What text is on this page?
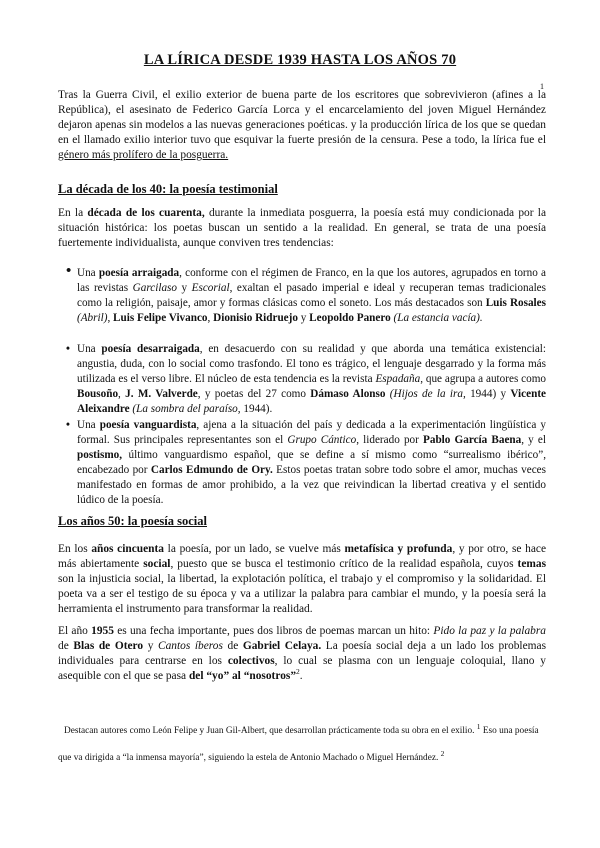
LA LÍRICA DESDE 1939 HASTA LOS AÑOS 70
Tras la Guerra Civil, el exilio exterior de buena parte de los escritores que sobrevivieron (afines a la República), el asesinato de Federico García Lorca y el encarcelamiento del joven Miguel Hernández dejaron apenas sin modelos a las nuevas generaciones poéticas. y la producción lírica de los que se quedan en el llamado exilio interior tuvo que esquivar la fuerte presión de la censura. Pese a todo, la lírica fue el género más prolífero de la posguerra.
1
La década de los 40: la poesía testimonial
En la década de los cuarenta, durante la inmediata posguerra, la poesía está muy condicionada por la situación histórica: los poetas buscan un sentido a la realidad. En general, se trata de una poesía fuertemente individualista, aunque conviven tres tendencias:
• Una poesía arraigada, conforme con el régimen de Franco, en la que los autores, agrupados en torno a las revistas Garcilaso y Escorial, exaltan el pasado imperial e ideal y recuperan temas tradicionales como la religión, paisaje, amor y formas clásicas como el soneto. Los más destacados son Luis Rosales (Abril), Luis Felipe Vivanco, Dionisio Ridruejo y Leopoldo Panero (La estancia vacía).
• Una poesía desarraigada, en desacuerdo con su realidad y que aborda una temática existencial: angustia, duda, con lo social como trasfondo. El tono es trágico, el lenguaje desgarrado y la forma más utilizada es el verso libre. El núcleo de esta tendencia es la revista Espadaña, que agrupa a autores como Bousoño, J. M. Valverde, y poetas del 27 como Dámaso Alonso (Hijos de la ira, 1944) y Vicente Aleixandre (La sombra del paraíso, 1944).
• Una poesía vanguardista, ajena a la situación del país y dedicada a la experimentación lingüística y formal. Sus principales representantes son el Grupo Cántico, liderado por Pablo García Baena, y el postismo, último vanguardismo español, que se define a sí mismo como “surrealismo ibérico”, encabezado por Carlos Edmundo de Ory. Estos poetas tratan sobre todo sobre el amor, muchas veces manifestado en formas de amor prohibido, a la vez que reivindican la libertad creativa y el sentido lúdico de la poesía.
Los años 50: la poesía social
En los años cincuenta la poesía, por un lado, se vuelve más metafísica y profunda, y por otro, se hace más abiertamente social, puesto que se busca el testimonio crítico de la realidad española, cuyos temas son la injusticia social, la libertad, la explotación política, el trabajo y el compromiso y la solidaridad. El poeta va a ser el testigo de su época y va a utilizar la palabra para cambiar el mundo, y la poesía será la herramienta el instrumento para transformar la realidad.
El año 1955 es una fecha importante, pues dos libros de poemas marcan un hito: Pido la paz y la palabra de Blas de Otero y Cantos íberos de Gabriel Celaya. La poesía social deja a un lado los problemas individuales para centrarse en los colectivos, lo cual se plasma con un lenguaje coloquial, llano y asequible con el que se pasa del “yo” al “nosotros”$^2$.
Destacan autores como León Felipe y Juan Gil-Albert, que desarrollan prácticamente toda su obra en el exilio. $^1$ Eso una poesía que va dirigida a “la inmensa mayoría”, siguiendo la estela de Antonio Machado o Miguel Hernández. $^2$
